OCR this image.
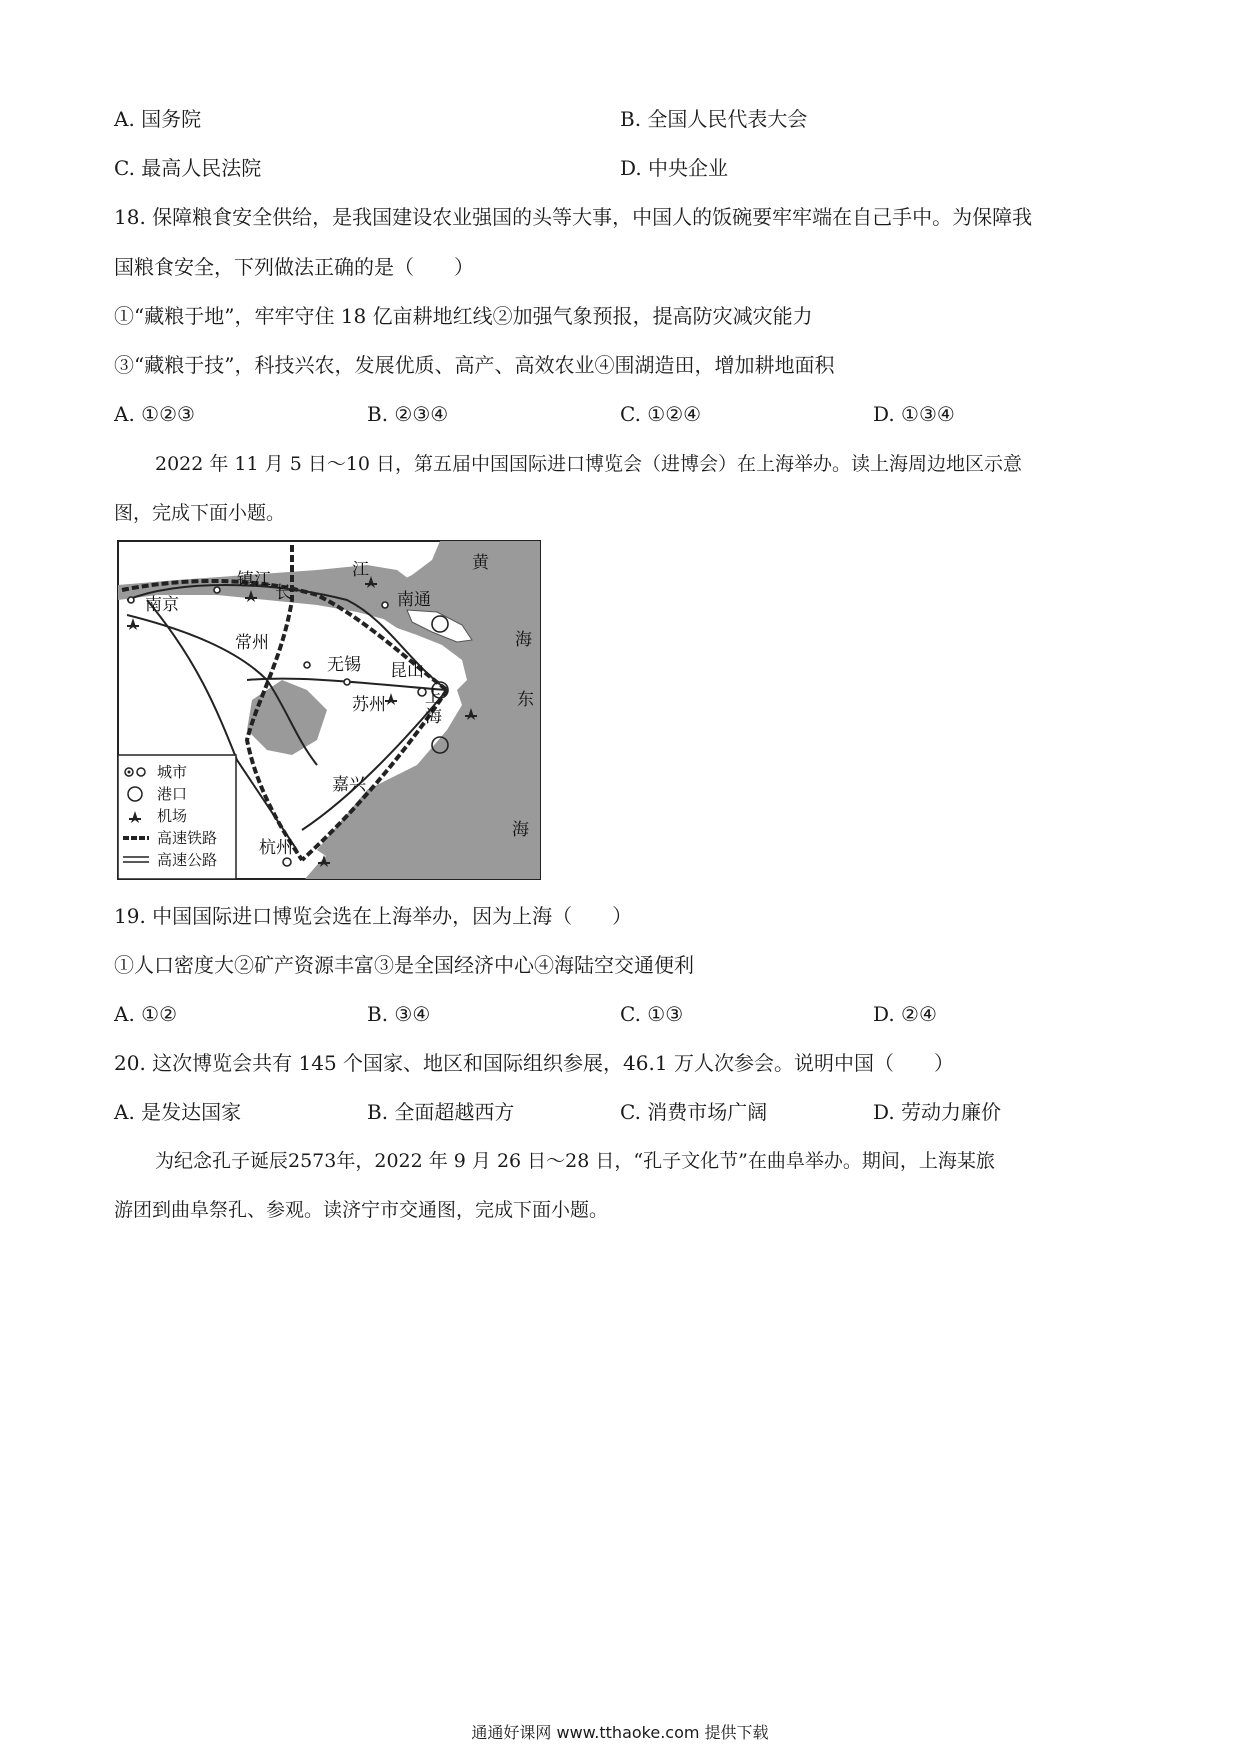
A. 国务院	B. 全国人民代表大会
C. 最高人民法院	D. 中央企业
18. 保障粮食安全供给，是我国建设农业强国的头等大事，中国人的饭碗要牢牢端在自己手中。为保障我
国粮食安全，下列做法正确的是（　　）
①“藏粮于地”，牢牢守住 18 亿亩耕地红线②加强气象预报，提高防灾减灾能力
③“藏粮于技”，科技兴农，发展优质、高产、高效农业④围湖造田，增加耕地面积
A. ①②③	B. ②③④	C. ①②④	D. ①③④
2022 年 11 月 5 日～10 日，第五届中国国际进口博览会（进博会）在上海举办。读上海周边地区示意
图，完成下面小题。
黄
海
东
海
江
长
南京
镇江
常州
无锡 昆山
苏州 上
海
南通
嘉兴
杭州
城市
港口
机场
高速铁路
高速公路
19. 中国国际进口博览会选在上海举办，因为上海（　　）
①人口密度大②矿产资源丰富③是全国经济中心④海陆空交通便利
A. ①②	B. ③④	C. ①③	D. ②④
20. 这次博览会共有 145 个国家、地区和国际组织参展，46.1 万人次参会。说明中国（　　）
A. 是发达国家	B. 全面超越西方	C. 消费市场广阔	D. 劳动力廉价
为纪念孔子诞辰2573年，2022 年 9 月 26 日～28 日，“孔子文化节”在曲阜举办。期间，上海某旅
游团到曲阜祭孔、参观。读济宁市交通图，完成下面小题。
通通好课网 www.tthaoke.com 提供下载
